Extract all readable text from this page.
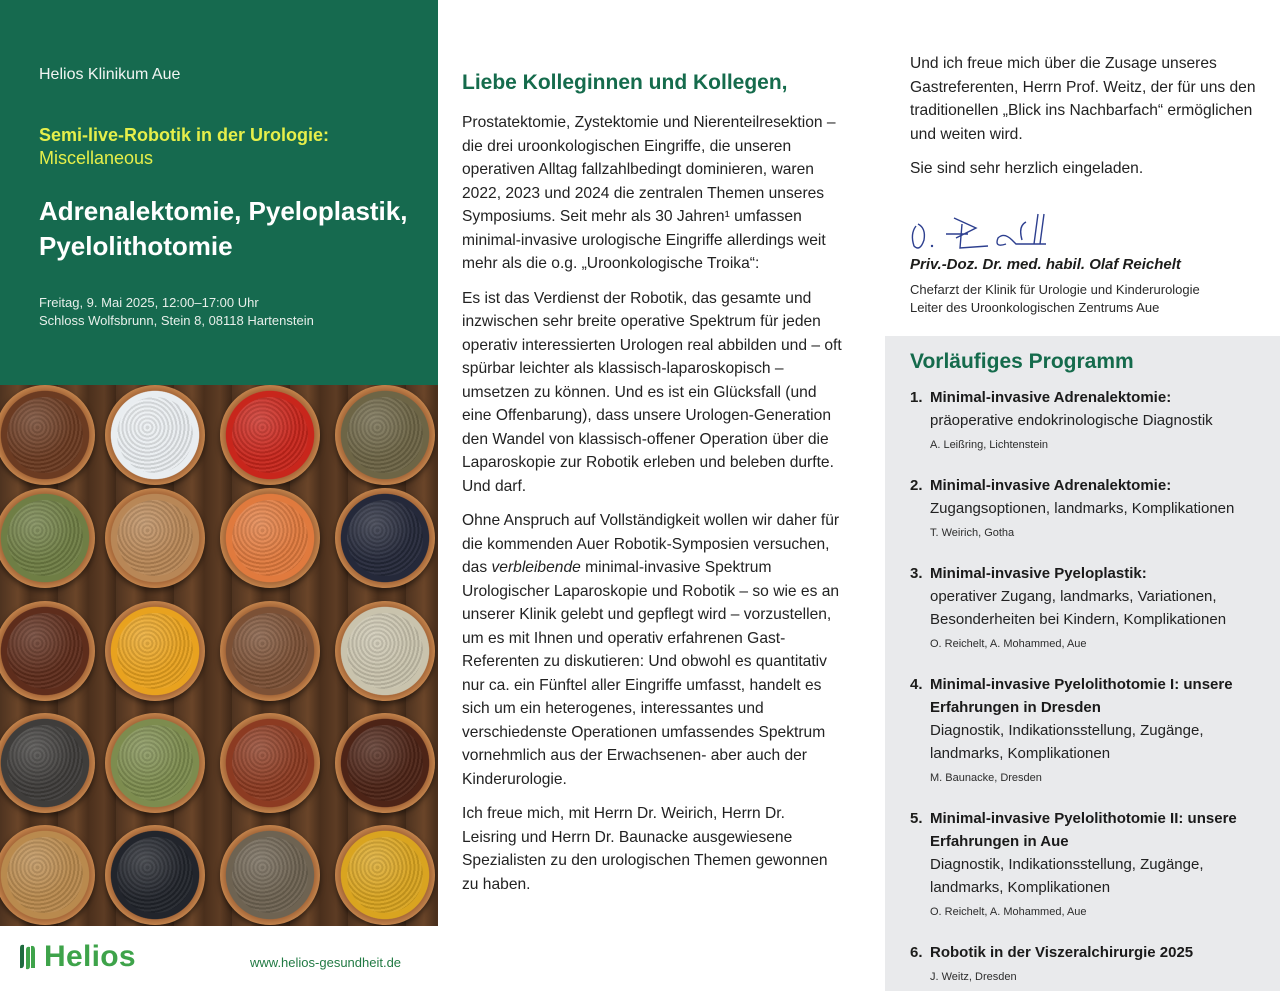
Helios Klinikum Aue
Semi-live-Robotik in der Urologie:
Miscellaneous
Adrenalektomie, Pyeloplastik, Pyelolithotomie
Freitag, 9. Mai 2025, 12:00–17:00 Uhr
Schloss Wolfsbrunn, Stein 8, 08118 Hartenstein
Helios	www.helios-gesundheit.de
Liebe Kolleginnen und Kollegen,

Prostatektomie, Zystektomie und Nierenteilresektion – die drei uroonkologischen Eingriffe, die unseren operativen Alltag fallzahlbedingt dominieren, waren 2022, 2023 und 2024 die zentralen Themen unseres Symposiums. Seit mehr als 30 Jahren¹ umfassen minimal-invasive urologische Eingriffe allerdings weit mehr als die o.g. „Uroonkologische Troika“:

Es ist das Verdienst der Robotik, das gesamte und inzwischen sehr breite operative Spektrum für jeden operativ interessierten Urologen real abbilden und – oft spürbar leichter als klassisch-laparoskopisch – umsetzen zu können. Und es ist ein Glücksfall (und eine Offenbarung), dass unsere Urologen-Generation den Wandel von klassisch-offener Operation über die Laparoskopie zur Robotik erleben und beleben durfte. Und darf.

Ohne Anspruch auf Vollständigkeit wollen wir daher für die kommenden Auer Robotik-Symposien versuchen, das verbleibende minimal-invasive Spektrum Urologischer Laparoskopie und Robotik – so wie es an unserer Klinik gelebt und gepflegt wird – vorzustellen, um es mit Ihnen und operativ erfahrenen Gast-Referenten zu diskutieren: Und obwohl es quantitativ nur ca. ein Fünftel aller Eingriffe umfasst, handelt es sich um ein heterogenes, interessantes und verschiedenste Operationen umfassendes Spektrum vornehmlich aus der Erwachsenen- aber auch der Kinderurologie.

Ich freue mich, mit Herrn Dr. Weirich, Herrn Dr. Leisring und Herrn Dr. Baunacke ausgewiesene Spezialisten zu den urologischen Themen gewonnen zu haben.

Und ich freue mich über die Zusage unseres Gastreferenten, Herrn Prof. Weitz, der für uns den traditionellen „Blick ins Nachbarfach“ ermöglichen und weiten wird.

Sie sind sehr herzlich eingeladen.

Priv.-Doz. Dr. med. habil. Olaf Reichelt
Chefarzt der Klinik für Urologie und Kinderurologie
Leiter des Uroonkologischen Zentrums Aue
Vorläufiges Programm
1. Minimal-invasive Adrenalektomie:
präoperative endokrinologische Diagnostik
A. Leißring, Lichtenstein
2. Minimal-invasive Adrenalektomie:
Zugangsoptionen, landmarks, Komplikationen
T. Weirich, Gotha
3. Minimal-invasive Pyeloplastik:
operativer Zugang, landmarks, Variationen, Besonderheiten bei Kindern, Komplikationen
O. Reichelt, A. Mohammed, Aue
4. Minimal-invasive Pyelolithotomie I: unsere Erfahrungen in Dresden
Diagnostik, Indikationsstellung, Zugänge, landmarks, Komplikationen
M. Baunacke, Dresden
5. Minimal-invasive Pyelolithotomie II: unsere Erfahrungen in Aue
Diagnostik, Indikationsstellung, Zugänge, landmarks, Komplikationen
O. Reichelt, A. Mohammed, Aue
6. Robotik in der Viszeralchirurgie 2025
J. Weitz, Dresden
